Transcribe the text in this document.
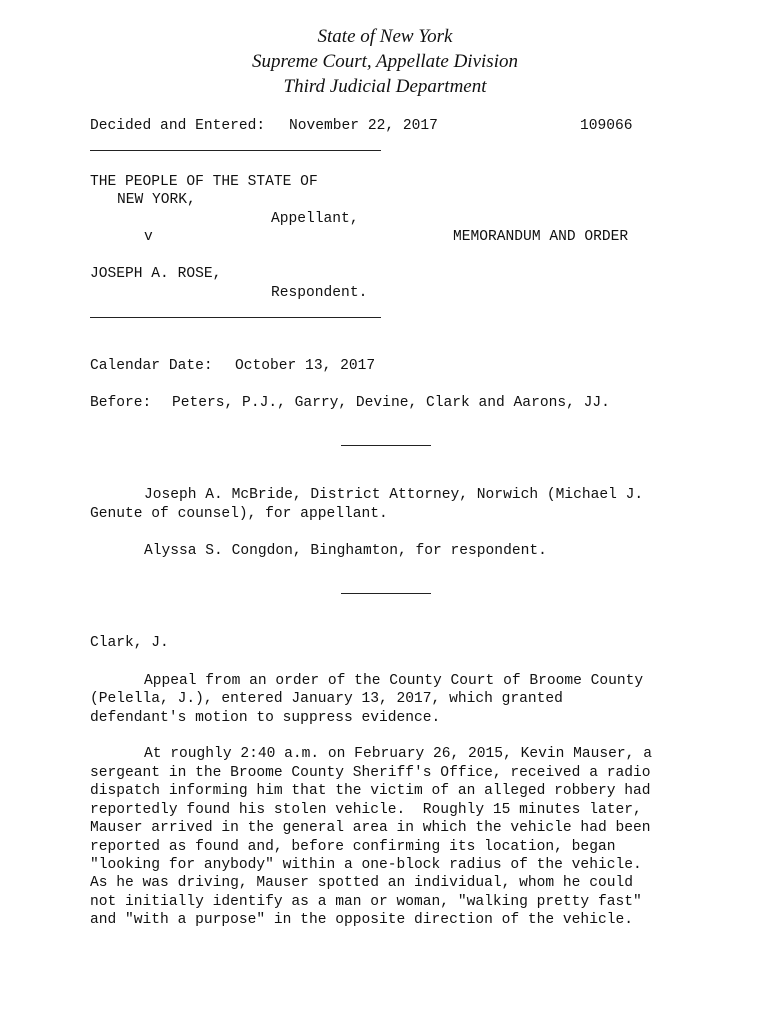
State of New York
Supreme Court, Appellate Division
Third Judicial Department
Decided and Entered: November 22, 2017	109066
THE PEOPLE OF THE STATE OF
NEW YORK,
Appellant,
v	MEMORANDUM AND ORDER
JOSEPH A. ROSE,
Respondent.
Calendar Date: October 13, 2017
Before: Peters, P.J., Garry, Devine, Clark and Aarons, JJ.
Joseph A. McBride, District Attorney, Norwich (Michael J.
Genute of counsel), for appellant.
Alyssa S. Congdon, Binghamton, for respondent.
Clark, J.
Appeal from an order of the County Court of Broome County
(Pelella, J.), entered January 13, 2017, which granted
defendant's motion to suppress evidence.
At roughly 2:40 a.m. on February 26, 2015, Kevin Mauser, a
sergeant in the Broome County Sheriff's Office, received a radio
dispatch informing him that the victim of an alleged robbery had
reportedly found his stolen vehicle.  Roughly 15 minutes later,
Mauser arrived in the general area in which the vehicle had been
reported as found and, before confirming its location, began
"looking for anybody" within a one-block radius of the vehicle.
As he was driving, Mauser spotted an individual, whom he could
not initially identify as a man or woman, "walking pretty fast"
and "with a purpose" in the opposite direction of the vehicle.
